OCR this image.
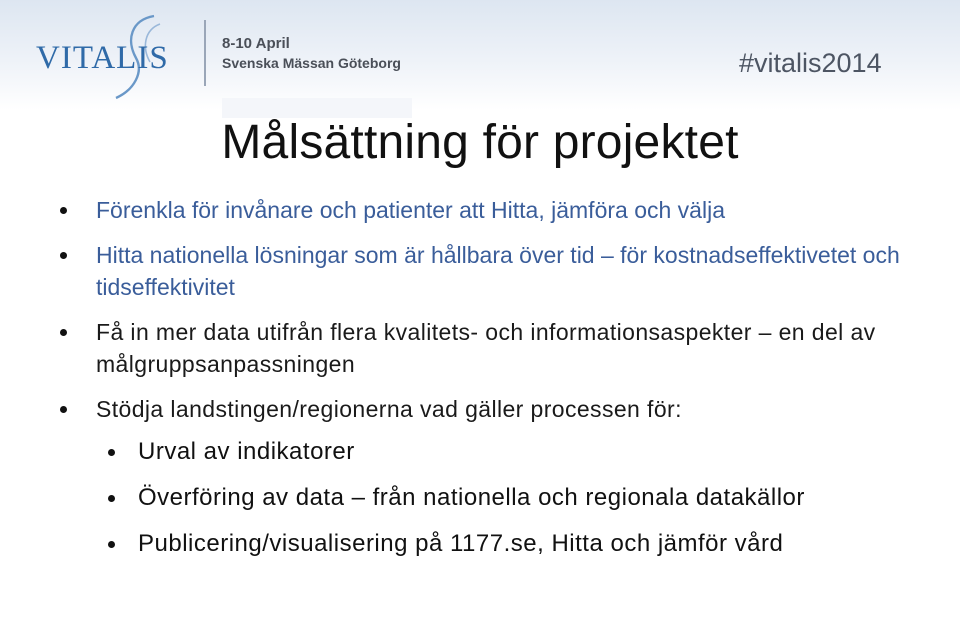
VITALIS	8-10 April
Svenska Mässan Göteborg	#vitalis2014
Målsättning för projektet
Förenkla för invånare och patienter att Hitta, jämföra och välja
Hitta nationella lösningar som är hållbara över tid – för kostnadseffektivetet och tidseffektivitet
Få in mer data utifrån flera kvalitets- och informationsaspekter – en del av målgruppsanpassningen
Stödja landstingen/regionerna vad gäller processen för:
Urval av indikatorer
Överföring av data – från nationella och regionala datakällor
Publicering/visualisering på 1177.se, Hitta och jämför vård
